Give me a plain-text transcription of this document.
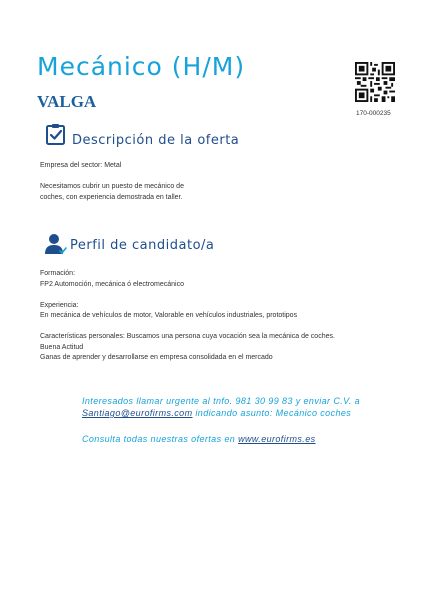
Mecánico (H/M)
VALGA
170-000235
Descripción de la oferta
Empresa del sector: Metal
Necesitamos cubrir un puesto de mecánico de
coches, con experiencia demostrada en taller.
Perfil de candidato/a
Formación:
FP2 Automoción, mecánica ó electromecánico
Experiencia:
En mecánica de vehículos de motor, Valorable en vehículos industriales, prototipos
Características personales: Buscamos una persona cuya vocación sea la mecánica de coches.
Buena Actitud
Ganas de aprender y desarrollarse en empresa consolidada en el mercado
Interesados llamar urgente al tnfo. 981 30 99 83 y enviar C.V. a
Santiago@eurofirms.com indicando asunto: Mecánico coches
Consulta todas nuestras ofertas en www.eurofirms.es
